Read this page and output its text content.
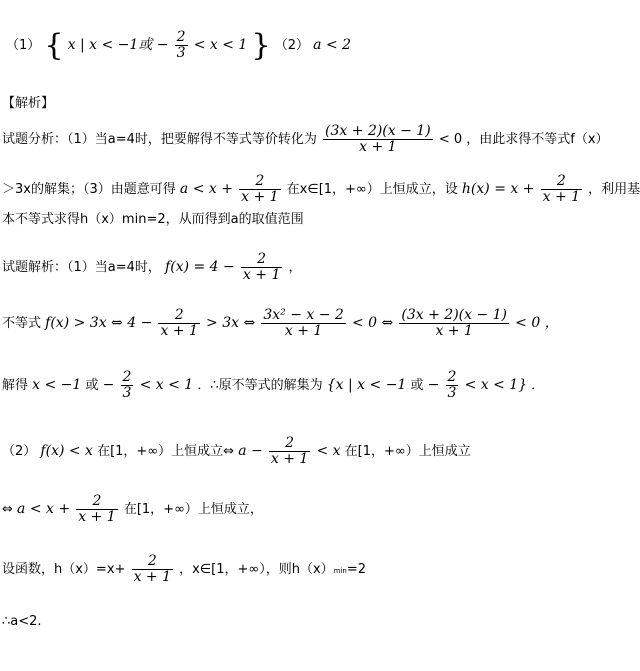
（1） { x | x < −1或 − $\frac{2}{3} < x < 1$ } （2） a < 2
【解析】
试题分析：（1）当a=4时，把要解得不等式等价转化为 $\frac{(3x + 2)(x - 1)}{x + 1} < 0$ ，由此求得不等式f（x）
＞3x的解集；（3）由题意可得 $a < x + \frac{2}{x + 1}$ 在x∈[1，+∞）上恒成立，设 $h(x) = x + \frac{2}{x + 1}$ ，利用基
本不等式求得h（x）min=2，从而得到a的取值范围
试题解析：（1）当a=4时， $f(x) = 4 - \frac{2}{x + 1}$ ，
不等式 f(x) > 3x ⇔ $4 - \frac{2}{x + 1} > 3x$ ⇔ $\frac{\text{3x² − x − 2}}{x + 1} < 0$ ⇔ $\frac{(3x + 2)(x - 1)}{x + 1} < 0$ ，
解得 x < −1 或 − $\frac{2}{3} < x < 1$ ．∴原不等式的解集为 {x | x < −1 或 − $\frac{2}{3} < x < 1$} ．
（2） f(x) < x 在[1，+∞）上恒成立⇔ $a - \frac{2}{x + 1} < x$ 在[1，+∞）上恒成立
⇔ $a < x + \frac{2}{x + 1}$ 在[1，+∞）上恒成立，
设函数，$h(x)=x+ \frac{2}{x + 1}$ ，x∈[1，+∞），则h（x）min=2
∴a<2.
